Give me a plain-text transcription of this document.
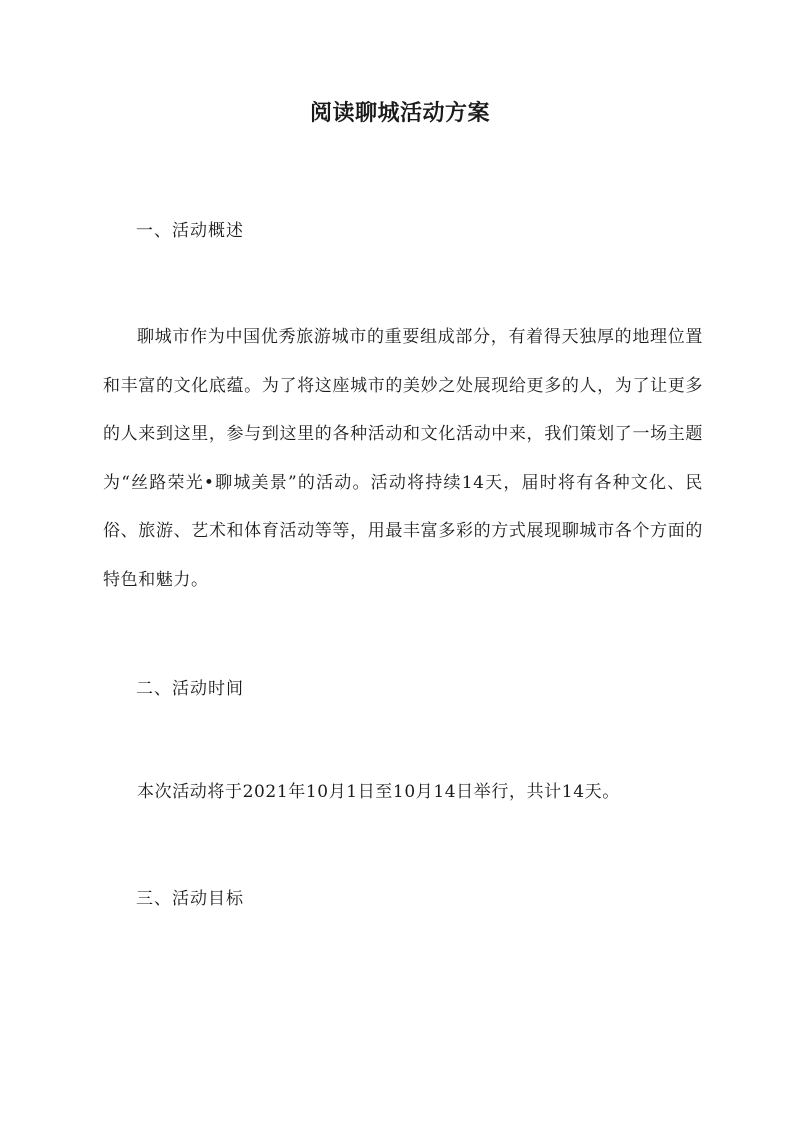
阅读聊城活动方案
一、活动概述

聊城市作为中国优秀旅游城市的重要组成部分，有着得天独厚的地理位置和丰富的文化底蕴。为了将这座城市的美妙之处展现给更多的人，为了让更多的人来到这里，参与到这里的各种活动和文化活动中来，我们策划了一场主题为“丝路荣光•聊城美景”的活动。活动将持续14天，届时将有各种文化、民俗、旅游、艺术和体育活动等等，用最丰富多彩的方式展现聊城市各个方面的特色和魅力。

二、活动时间

本次活动将于2021年10月1日至10月14日举行，共计14天。

三、活动目标
